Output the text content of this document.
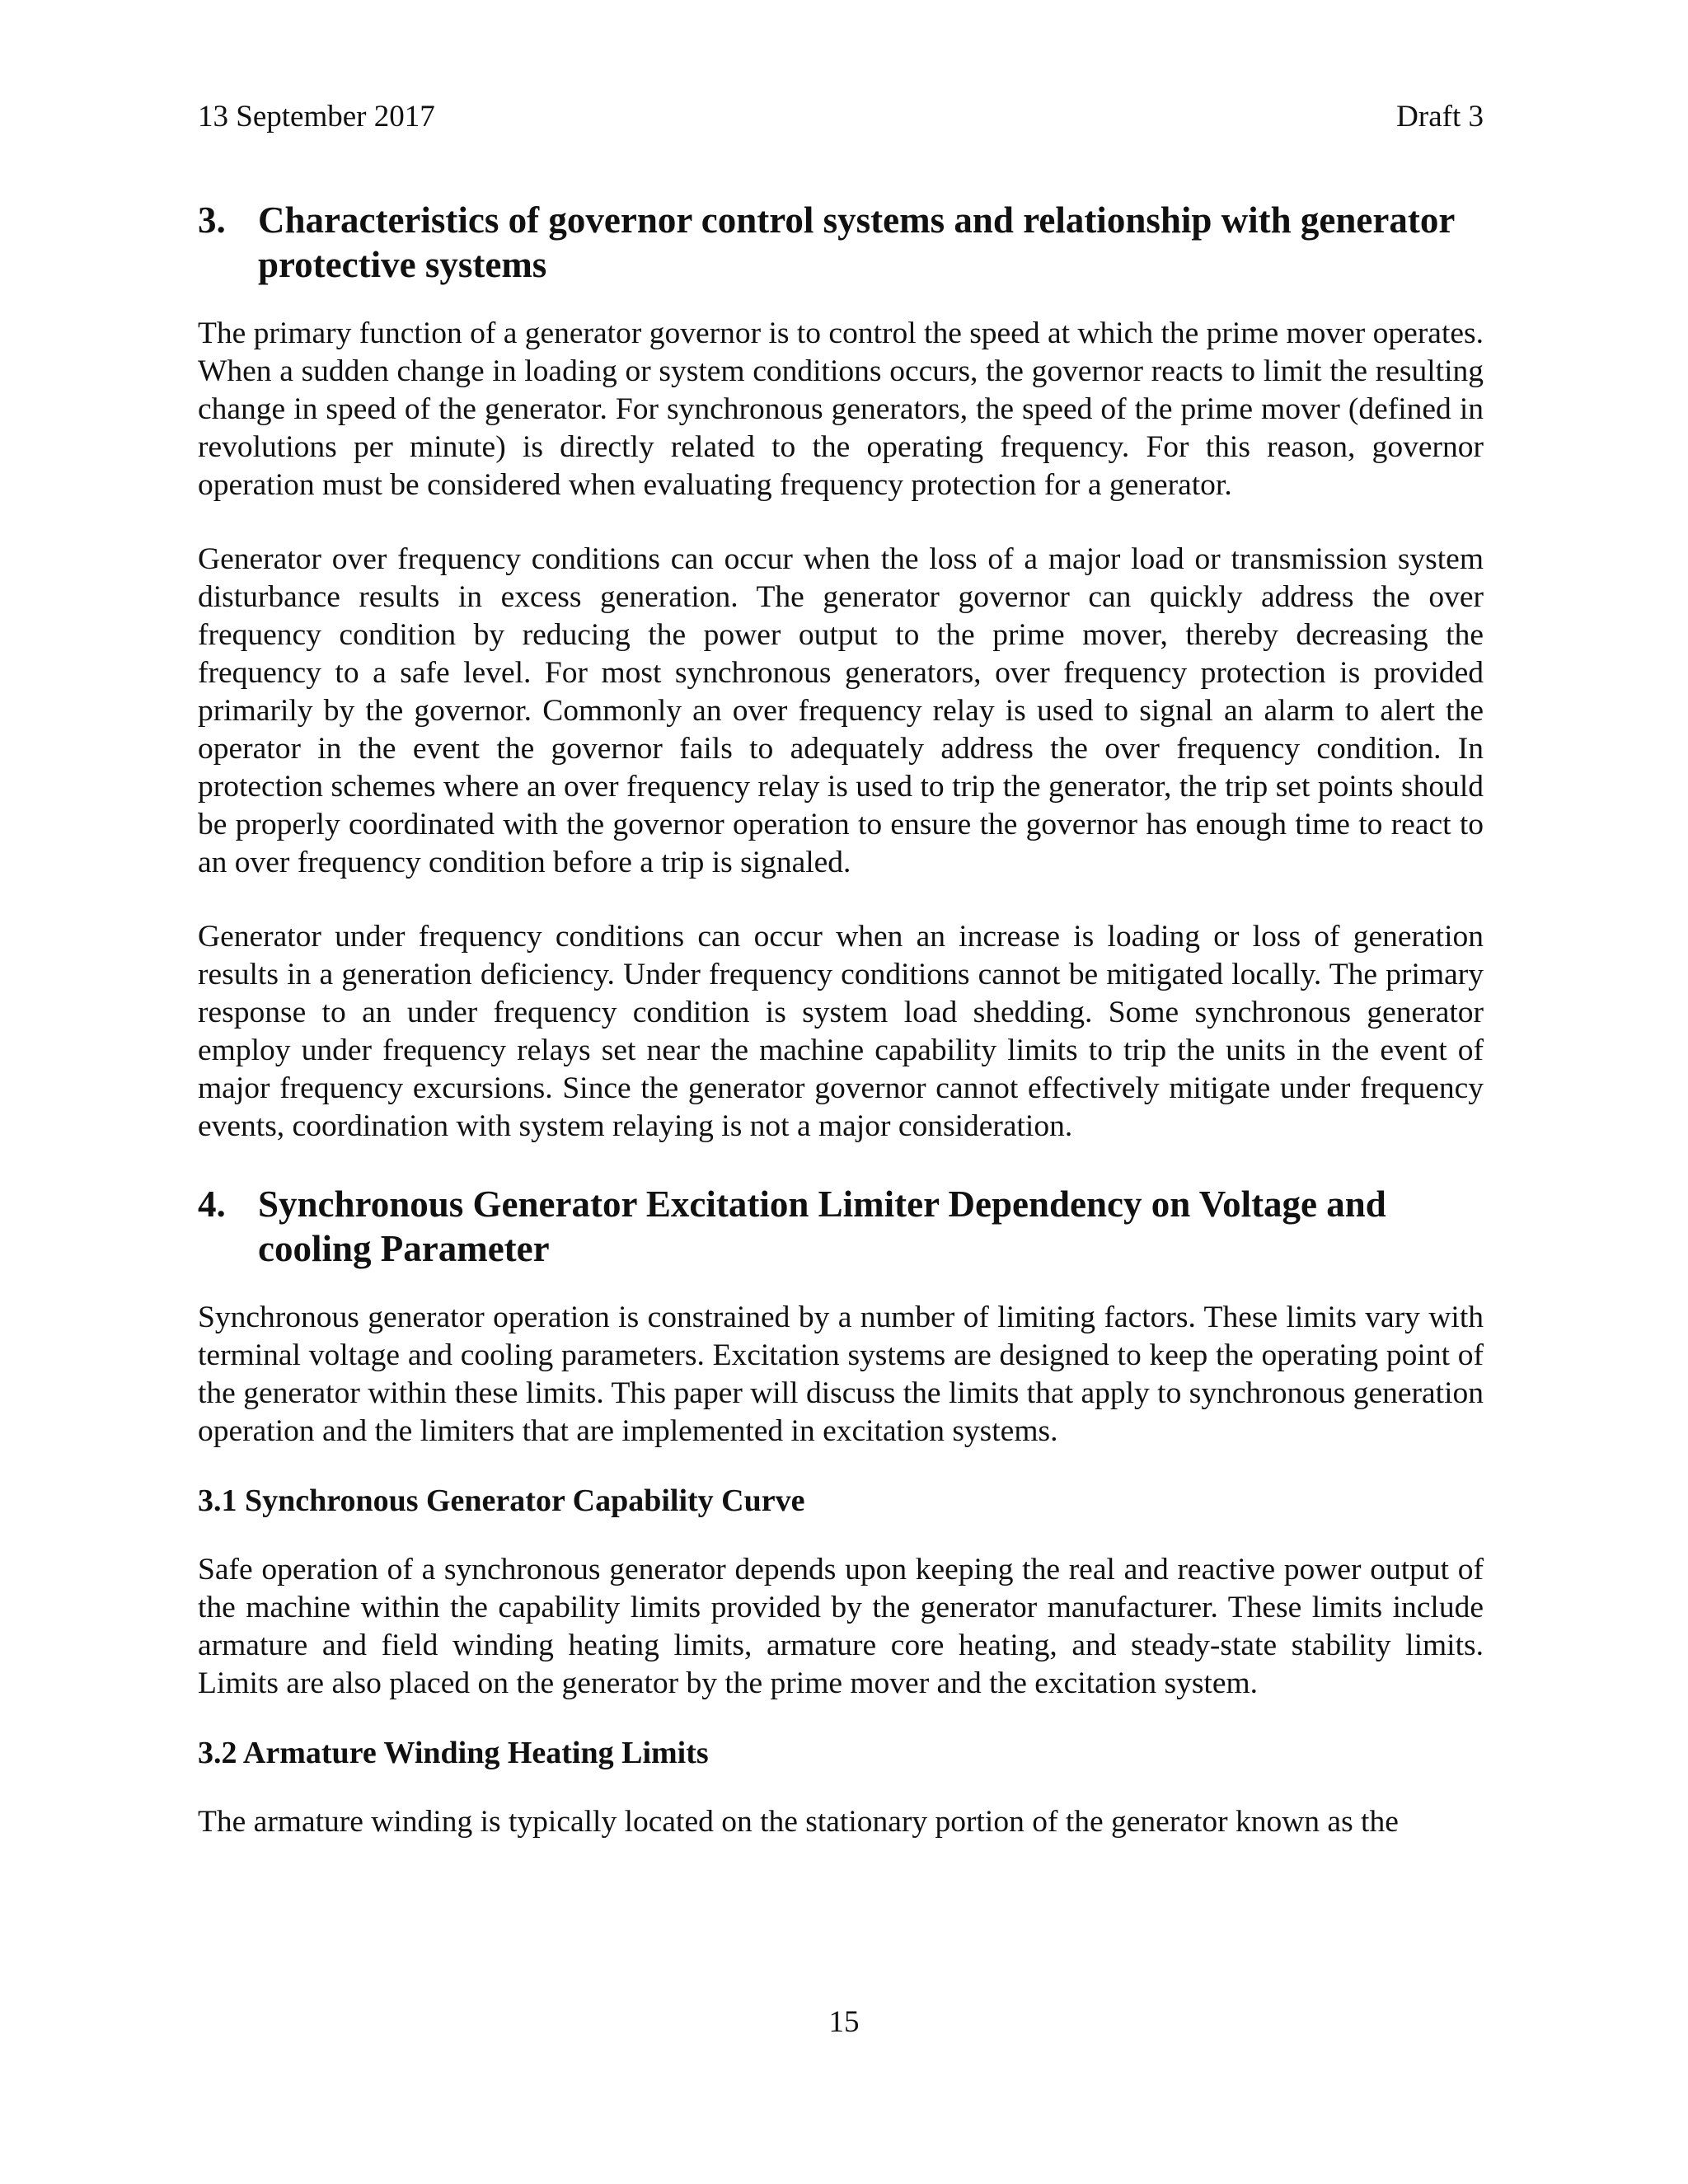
13 September 2017	Draft 3
3. Characteristics of governor control systems and relationship with generator protective systems

The primary function of a generator governor is to control the speed at which the prime mover operates. When a sudden change in loading or system conditions occurs, the governor reacts to limit the resulting change in speed of the generator. For synchronous generators, the speed of the prime mover (defined in revolutions per minute) is directly related to the operating frequency. For this reason, governor operation must be considered when evaluating frequency protection for a generator.

Generator over frequency conditions can occur when the loss of a major load or transmission system disturbance results in excess generation. The generator governor can quickly address the over frequency condition by reducing the power output to the prime mover, thereby decreasing the frequency to a safe level. For most synchronous generators, over frequency protection is provided primarily by the governor. Commonly an over frequency relay is used to signal an alarm to alert the operator in the event the governor fails to adequately address the over frequency condition. In protection schemes where an over frequency relay is used to trip the generator, the trip set points should be properly coordinated with the governor operation to ensure the governor has enough time to react to an over frequency condition before a trip is signaled.

Generator under frequency conditions can occur when an increase is loading or loss of generation results in a generation deficiency. Under frequency conditions cannot be mitigated locally. The primary response to an under frequency condition is system load shedding. Some synchronous generator employ under frequency relays set near the machine capability limits to trip the units in the event of major frequency excursions. Since the generator governor cannot effectively mitigate under frequency events, coordination with system relaying is not a major consideration.

4. Synchronous Generator Excitation Limiter Dependency on Voltage and cooling Parameter

Synchronous generator operation is constrained by a number of limiting factors. These limits vary with terminal voltage and cooling parameters. Excitation systems are designed to keep the operating point of the generator within these limits. This paper will discuss the limits that apply to synchronous generation operation and the limiters that are implemented in excitation systems.

3.1 Synchronous Generator Capability Curve

Safe operation of a synchronous generator depends upon keeping the real and reactive power output of the machine within the capability limits provided by the generator manufacturer. These limits include armature and field winding heating limits, armature core heating, and steady-state stability limits. Limits are also placed on the generator by the prime mover and the excitation system.

3.2 Armature Winding Heating Limits

The armature winding is typically located on the stationary portion of the generator known as the

15
